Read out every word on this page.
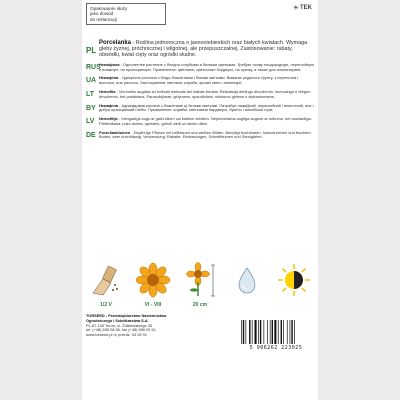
Opakowanie służy
jako dowód
do reklamacji
☀ TEK
PL
Porcelanka - Roślina jednoroczna o jasnoniebieskich oraz białych kwiatach. Wymaga gleby żyznej, próchnicznej i wilgotnej, ale przepuszczalnej. Zastosowanie: rabaty, obwódki, kwiat cięty oraz ogródki skalne.
RUS
Немофила - Однолетнее растение с бледно-голубыми и белыми цветками. Требует почву плодородную, перегнойную и влажную, но проницаемую. Применение: цветники, цветочные бордюры, на срезку, а также для альпинариев.
UA Немофіла - Однорічна рослина з блідо-блакитними і білими квітками. Вимагає родючого ґрунту, з перегноєм і вологою, але рихлого. Застосування: квітники, клумби, зрізані квіти і альпінарії.
LT	Nemofila - Vienmetis augalas su šviesiai melsvais bei baltais žiedais. Reikalauja derlingo dirvožemio, humusingo ir drėgno dirvožemio, bet pralaidaus. Panaudojimas: gėlynams, apsodinimui, skintoms gėlėms ir alpinariumams.
BY Немафіла - Аднагадовая расліна з блакітнымі ці белымі кветкамі. Патрабуе пажыўнай, перагнойнай і вільготнай, але і добра праніцаемай глебы. Прымяненне: клумбы, кветкавыя бардзюры, букеты і альпійскія горкі.
LV	Nemofilija - Viengadīgs augs ar gaiši ziliem vai baltiem ziediem. Nepieciešama auglīga augsne ar mitrumu, bet caurlaidīga. Pielietošana: puķu dobes, apmales, griezti ziedi un klinšu dārzi.
DE Porzellanblumen - Einjährige Pflanze mit hellblauen und weißen Blüten. Benötigt fruchtbaren, humusreichen und feuchten Boden, aber durchlässig. Verwendung: Rabatte, Einfassungen, Schnittblumen und Steingärten.
1/2 V	VI - VIII	20 cm
TORSEED - Przedsiębiorstwo Nasiennictwa
Ogrodniczego i Szkółkarstwa S.A.
PL-87-100 Toruń, ul. Żółkiewskiego 35
tel. (+48) 655 08 56, fax (+48) 656 09 51
www.torseed.pl nr przedz. 04 05 91
5 906262 223025
